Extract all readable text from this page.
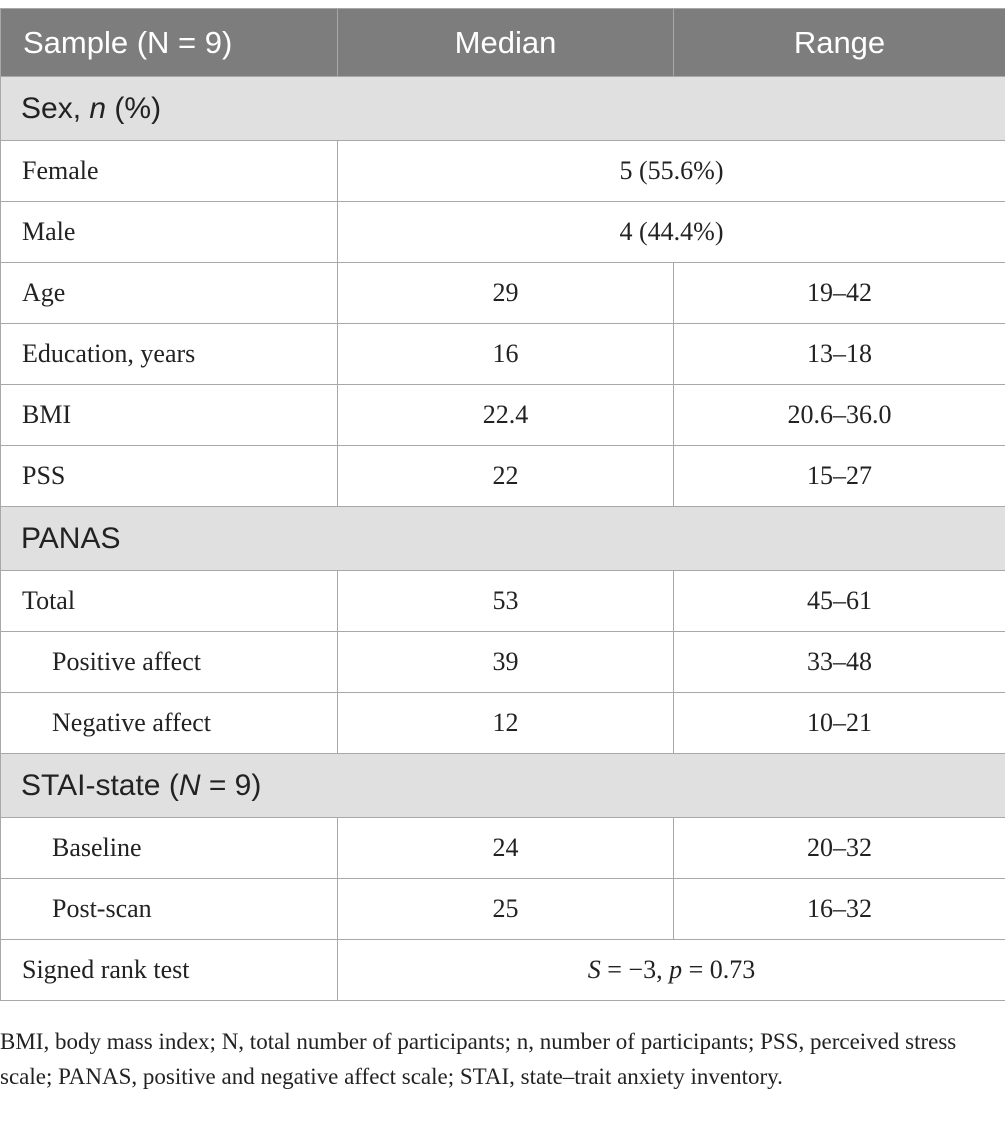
Sample (N = 9)	Median	Range
Sex, n (%)		
Female	5 (55.6%)	
Male	4 (44.4%)	
Age	29	19–42
Education, years	16	13–18
BMI	22.4	20.6–36.0
PSS	22	15–27
PANAS		
Total	53	45–61
Positive affect	39	33–48
Negative affect	12	10–21
STAI-state (N = 9)		
Baseline	24	20–32
Post-scan	25	16–32
Signed rank test	S = −3, p = 0.73	
BMI, body mass index; N, total number of participants; n, number of participants; PSS, perceived stress scale; PANAS, positive and negative affect scale; STAI, state–trait anxiety inventory.
